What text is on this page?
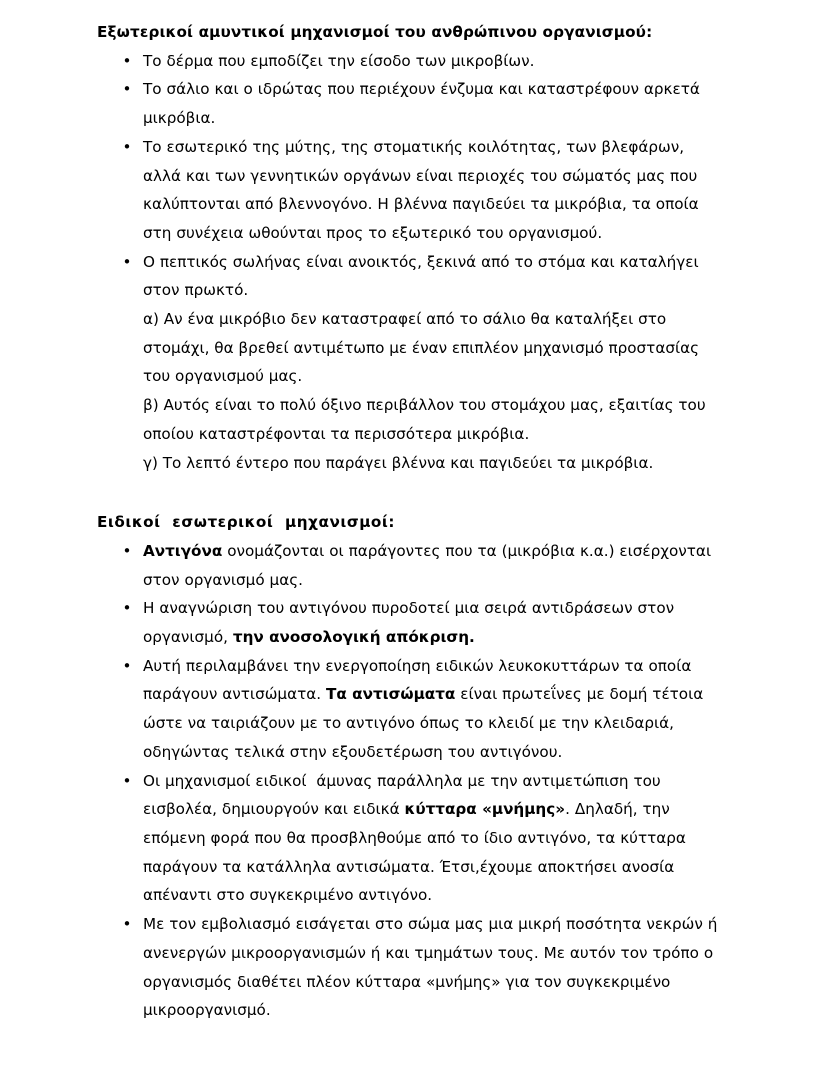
Εξωτερικοί αμυντικοί μηχανισμοί του ανθρώπινου οργανισμού:

• Το δέρμα που εμποδίζει την είσοδο των μικροβίων.
• Το σάλιο και ο ιδρώτας που περιέχουν ένζυμα και καταστρέφουν αρκετά μικρόβια.
• Το εσωτερικό της μύτης, της στοματικής κοιλότητας, των βλεφάρων, αλλά και των γεννητικών οργάνων είναι περιοχές του σώματός μας που καλύπτονται από βλεννογόνο. Η βλέννα παγιδεύει τα μικρόβια, τα οποία στη συνέχεια ωθούνται προς το εξωτερικό του οργανισμού.
• Ο πεπτικός σωλήνας είναι ανοικτός, ξεκινά από το στόμα και καταλήγει στον πρωκτό.
α) Αν ένα μικρόβιο δεν καταστραφεί από το σάλιο θα καταλήξει στο στομάχι, θα βρεθεί αντιμέτωπο με έναν επιπλέον μηχανισμό προστασίας του οργανισμού μας.
β) Αυτός είναι το πολύ όξινο περιβάλλον του στομάχου μας, εξαιτίας του οποίου καταστρέφονται τα περισσότερα μικρόβια.
γ) Το λεπτό έντερο που παράγει βλέννα και παγιδεύει τα μικρόβια.

Ειδικοί  εσωτερικοί  μηχανισμοί:

• Αντιγόνα ονομάζονται οι παράγοντες που τα (μικρόβια κ.α.) εισέρχονται στον οργανισμό μας.
• Η αναγνώριση του αντιγόνου πυροδοτεί μια σειρά αντιδράσεων στον οργανισμό, την ανοσολογική απόκριση.
• Αυτή περιλαμβάνει την ενεργοποίηση ειδικών λευκοκυττάρων τα οποία παράγουν αντισώματα. Τα αντισώματα είναι πρωτεΐνες με δομή τέτοια ώστε να ταιριάζουν με το αντιγόνο όπως το κλειδί με την κλειδαριά, οδηγώντας τελικά στην εξουδετέρωση του αντιγόνου.
• Οι μηχανισμοί ειδικοί  άμυνας παράλληλα με την αντιμετώπιση του εισβολέα, δημιουργούν και ειδικά κύτταρα «μνήμης». Δηλαδή, την επόμενη φορά που θα προσβληθούμε από το ίδιο αντιγόνο, τα κύτταρα παράγουν τα κατάλληλα αντισώματα. Έτσι,έχουμε αποκτήσει ανοσία απέναντι στο συγκεκριμένο αντιγόνο.
• Με τον εμβολιασμό εισάγεται στο σώμα μας μια μικρή ποσότητα νεκρών ή ανενεργών μικροοργανισμών ή και τμημάτων τους. Με αυτόν τον τρόπο ο οργανισμός διαθέτει πλέον κύτταρα «μνήμης» για τον συγκεκριμένο μικροοργανισμό.
